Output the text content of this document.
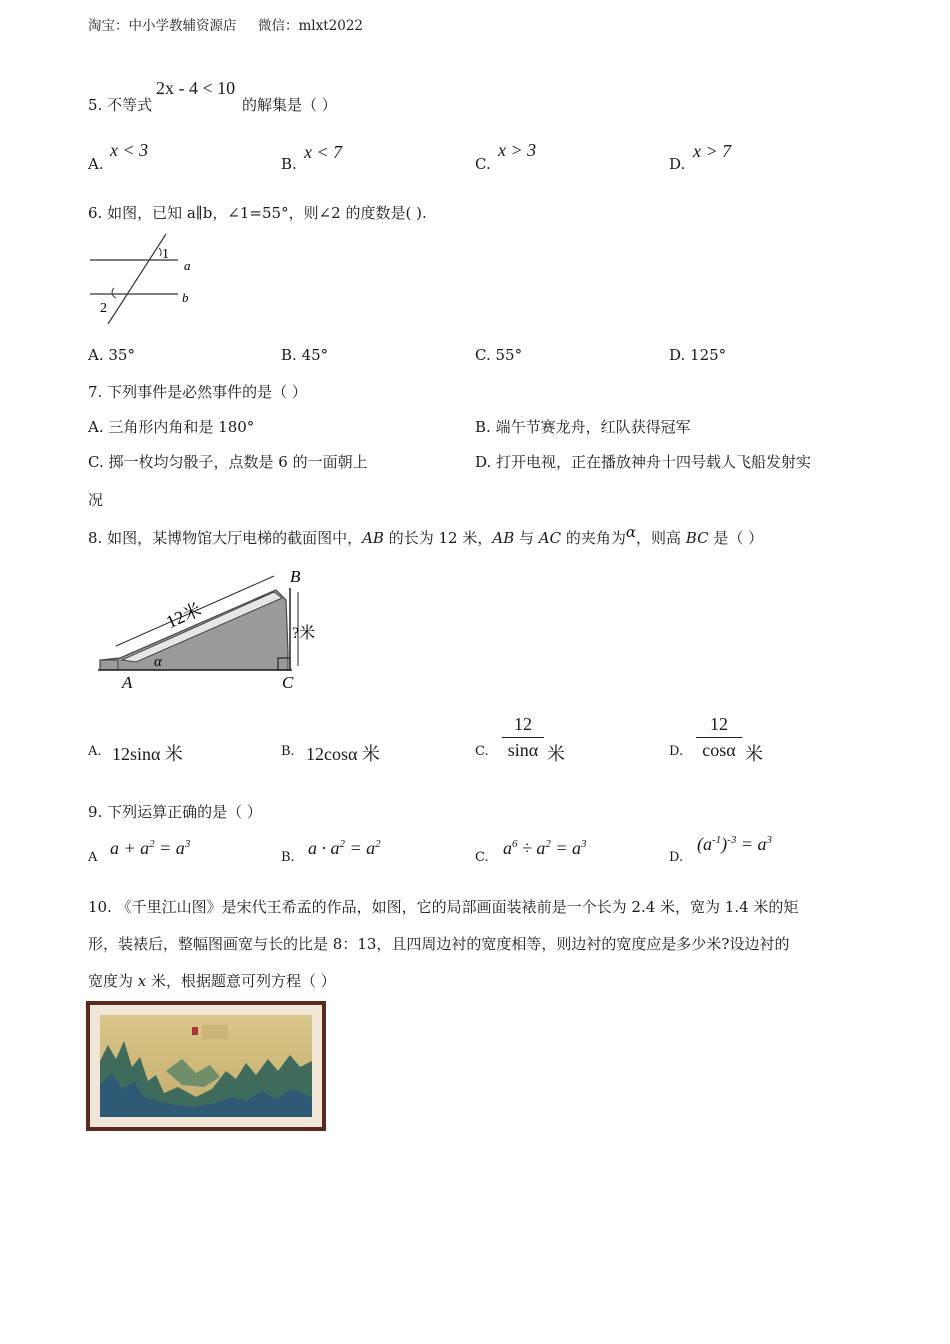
淘宝：中小学教辅资源店 微信：mlxt2022
5. 不等式
2x - 4 < 10
的解集是（ ）
A.
x < 3
B.
x < 7
C.
x > 3
D.
x > 7
6. 如图，已知 a∥b，∠1=55°，则∠2 的度数是( ).
1
2
a
b
A. 35°	B. 45°	C. 55°	D. 125°
7. 下列事件是必然事件的是（ ）
A. 三角形内角和是 180°	B. 端午节赛龙舟，红队获得冠军
C. 掷一枚均匀骰子，点数是 6 的一面朝上	D. 打开电视，正在播放神舟十四号载人飞船发射实
况
8. 如图，某博物馆大厅电梯的截面图中，AB 的长为 12 米，AB 与 AC 的夹角为$^\alpha$，则高 BC 是（ ）
12米
?米
α
A	C
B
A. 12sinα 米	B. 12cosα 米	C. $\frac{12}{\sin\alpha}$ 米	D. $\frac{12}{\cos\alpha}$ 米
9. 下列运算正确的是（ ）
A $a + a^2 = a^3$
B. $a \cdot a^2 = a^2$
C. $a^6 \div a^2 = a^3$
D.
$(a^{-1})^{-3} = a^3$
10. 《千里江山图》是宋代王希孟的作品，如图，它的局部画面装裱前是一个长为 2.4 米，宽为 1.4 米的矩
形，装裱后，整幅图画宽与长的比是 8：13，且四周边衬的宽度相等，则边衬的宽度应是多少米?设边衬的
宽度为 x 米，根据题意可列方程（ ）
